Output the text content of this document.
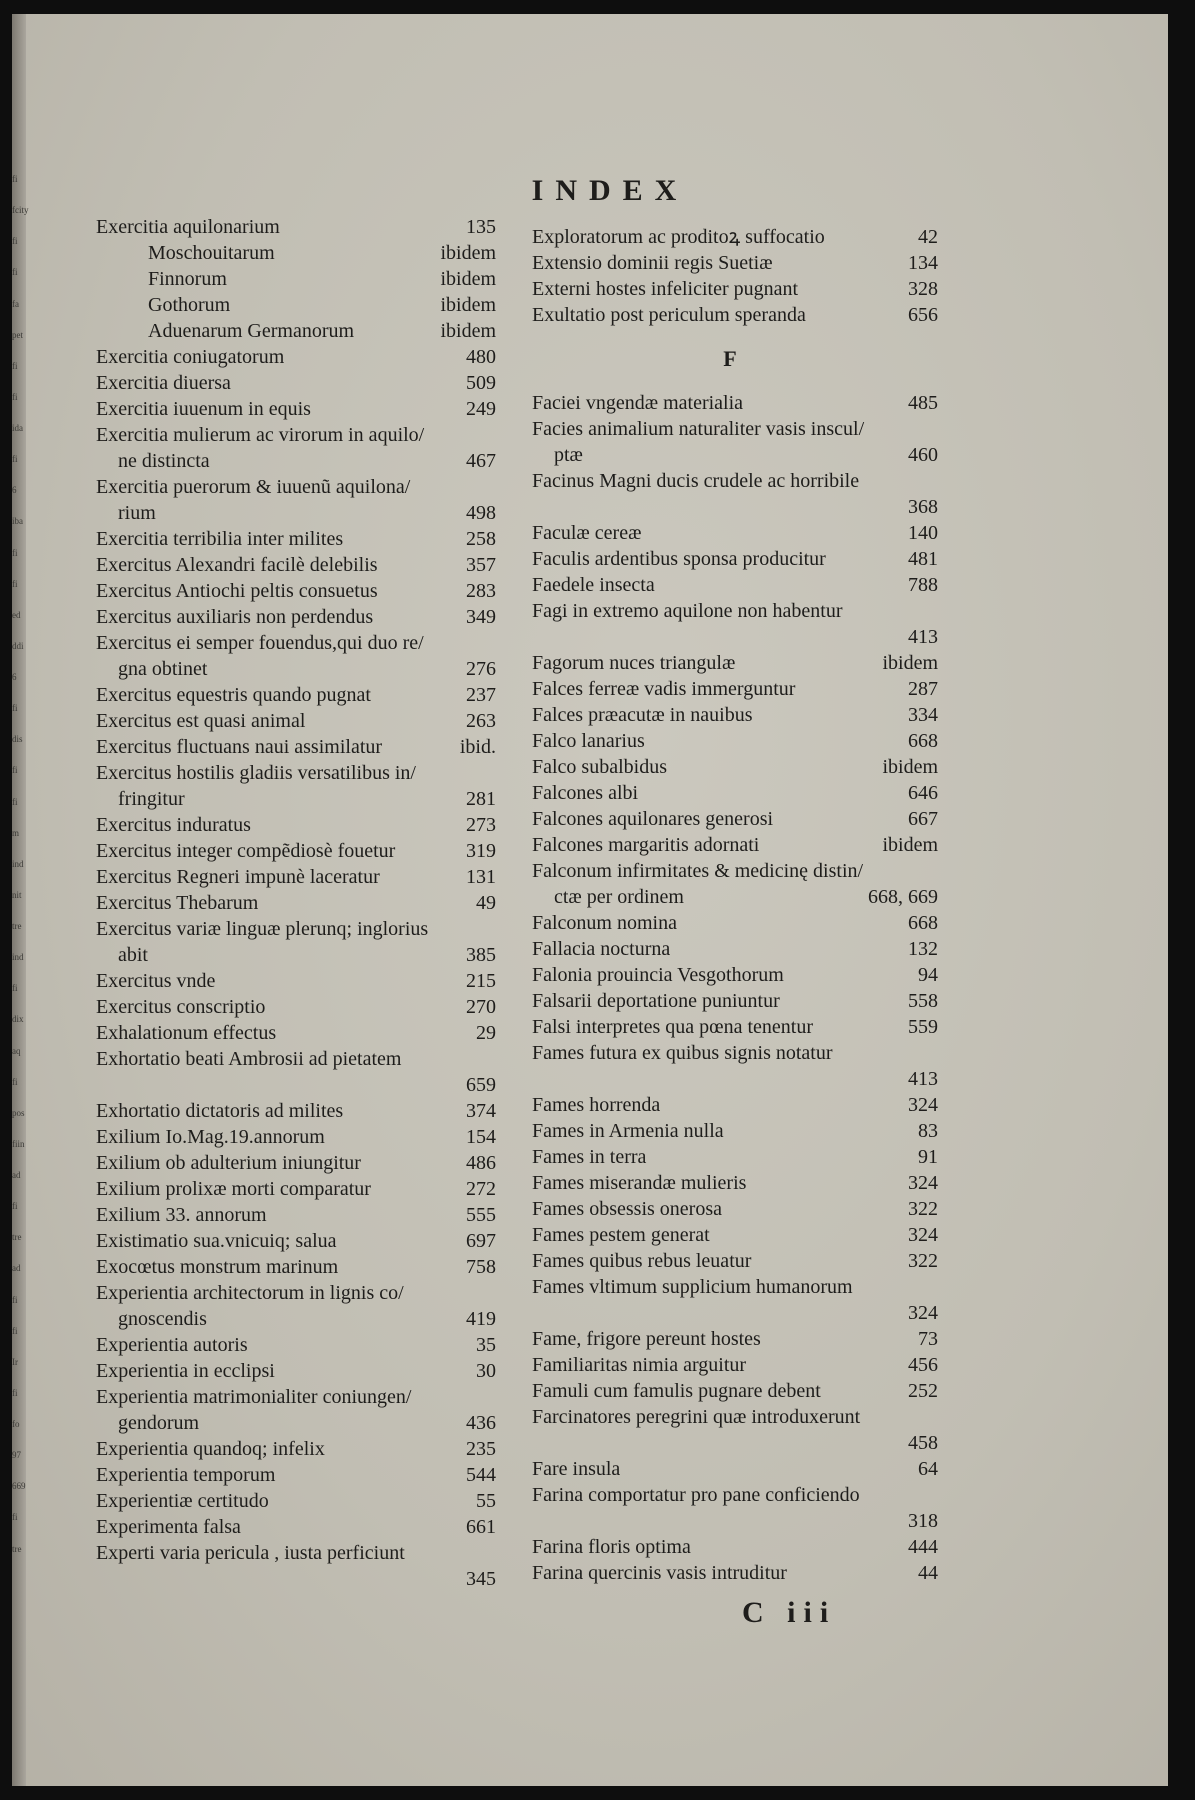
fi
fcity
fi
fi
fa
pet
fi
fi
ida
fi
6
iba
fi
fi
ed
ddi
6
fi
dis
fi
fi
m
ind
nit
tre
ind
fi
dix
aq
fi
pos
fiin
ad
fi
tre
ad
fi
fi
Ir
fi
fo
97
669
fi
tre
INDEX
Exercitia aquilonarium	135
Moschouitarum	ibidem
Finnorum	ibidem
Gothorum	ibidem
Aduenarum Germanorum	ibidem
Exercitia coniugatorum	480
Exercitia diuersa	509
Exercitia iuuenum in equis	249
Exercitia mulierum ac virorum in aquilo/
ne distincta	467
Exercitia puerorum & iuuenũ aquilona/
rium	498
Exercitia terribilia inter milites	258
Exercitus Alexandri facilè delebilis	357
Exercitus Antiochi peltis consuetus	283
Exercitus auxiliaris non perdendus	349
Exercitus ei semper fouendus,qui duo re/
gna obtinet	276
Exercitus equestris quando pugnat	237
Exercitus est quasi animal	263
Exercitus fluctuans naui assimilatur	ibid.
Exercitus hostilis gladiis versatilibus in/
fringitur	281
Exercitus induratus	273
Exercitus integer compẽdiosè fouetur	319
Exercitus Regneri impunè laceratur	131
Exercitus Thebarum	49
Exercitus variæ linguæ plerunq; inglorius
abit	385
Exercitus vnde	215
Exercitus conscriptio	270
Exhalationum effectus	29
Exhortatio beati Ambrosii ad pietatem
659
Exhortatio dictatoris ad milites	374
Exilium Io.Mag.19.annorum	154
Exilium ob adulterium iniungitur	486
Exilium prolixæ morti comparatur	272
Exilium 33. annorum	555
Existimatio sua.vnicuiq; salua	697
Exocœtus monstrum marinum	758
Experientia architectorum in lignis co/
gnoscendis	419
Experientia autoris	35
Experientia in ecclipsi	30
Experientia matrimonialiter coniungen/
gendorum	436
Experientia quandoq; infelix	235
Experientia temporum	544
Experientiæ certitudo	55
Experimenta falsa	661
Experti varia pericula , iusta perficiunt
345
Exploratorum ac proditoꝝ suffocatio	42
Extensio dominii regis Suetiæ	134
Externi hostes infeliciter pugnant	328
Exultatio post periculum speranda	656
F
Faciei vngendæ materialia	485
Facies animalium naturaliter vasis inscul/
ptæ	460
Facinus Magni ducis crudele ac horribile
368
Faculæ cereæ	140
Faculis ardentibus sponsa producitur	481
Faedele insecta	788
Fagi in extremo aquilone non habentur
413
Fagorum nuces triangulæ	ibidem
Falces ferreæ vadis immerguntur	287
Falces præacutæ in nauibus	334
Falco lanarius	668
Falco subalbidus	ibidem
Falcones albi	646
Falcones aquilonares generosi	667
Falcones margaritis adornati	ibidem
Falconum infirmitates & medicinę distin/
ctæ per ordinem	668, 669
Falconum nomina	668
Fallacia nocturna	132
Falonia prouincia Vesgothorum	94
Falsarii deportatione puniuntur	558
Falsi interpretes qua pœna tenentur	559
Fames futura ex quibus signis notatur
413
Fames horrenda	324
Fames in Armenia nulla	83
Fames in terra	91
Fames miserandæ mulieris	324
Fames obsessis onerosa	322
Fames pestem generat	324
Fames quibus rebus leuatur	322
Fames vltimum supplicium humanorum
324
Fame, frigore pereunt hostes	73
Familiaritas nimia arguitur	456
Famuli cum famulis pugnare debent	252
Farcinatores peregrini quæ introduxerunt
458
Fare insula	64
Farina comportatur pro pane conficiendo
318
Farina floris optima	444
Farina quercinis vasis intruditur	44
C iii
